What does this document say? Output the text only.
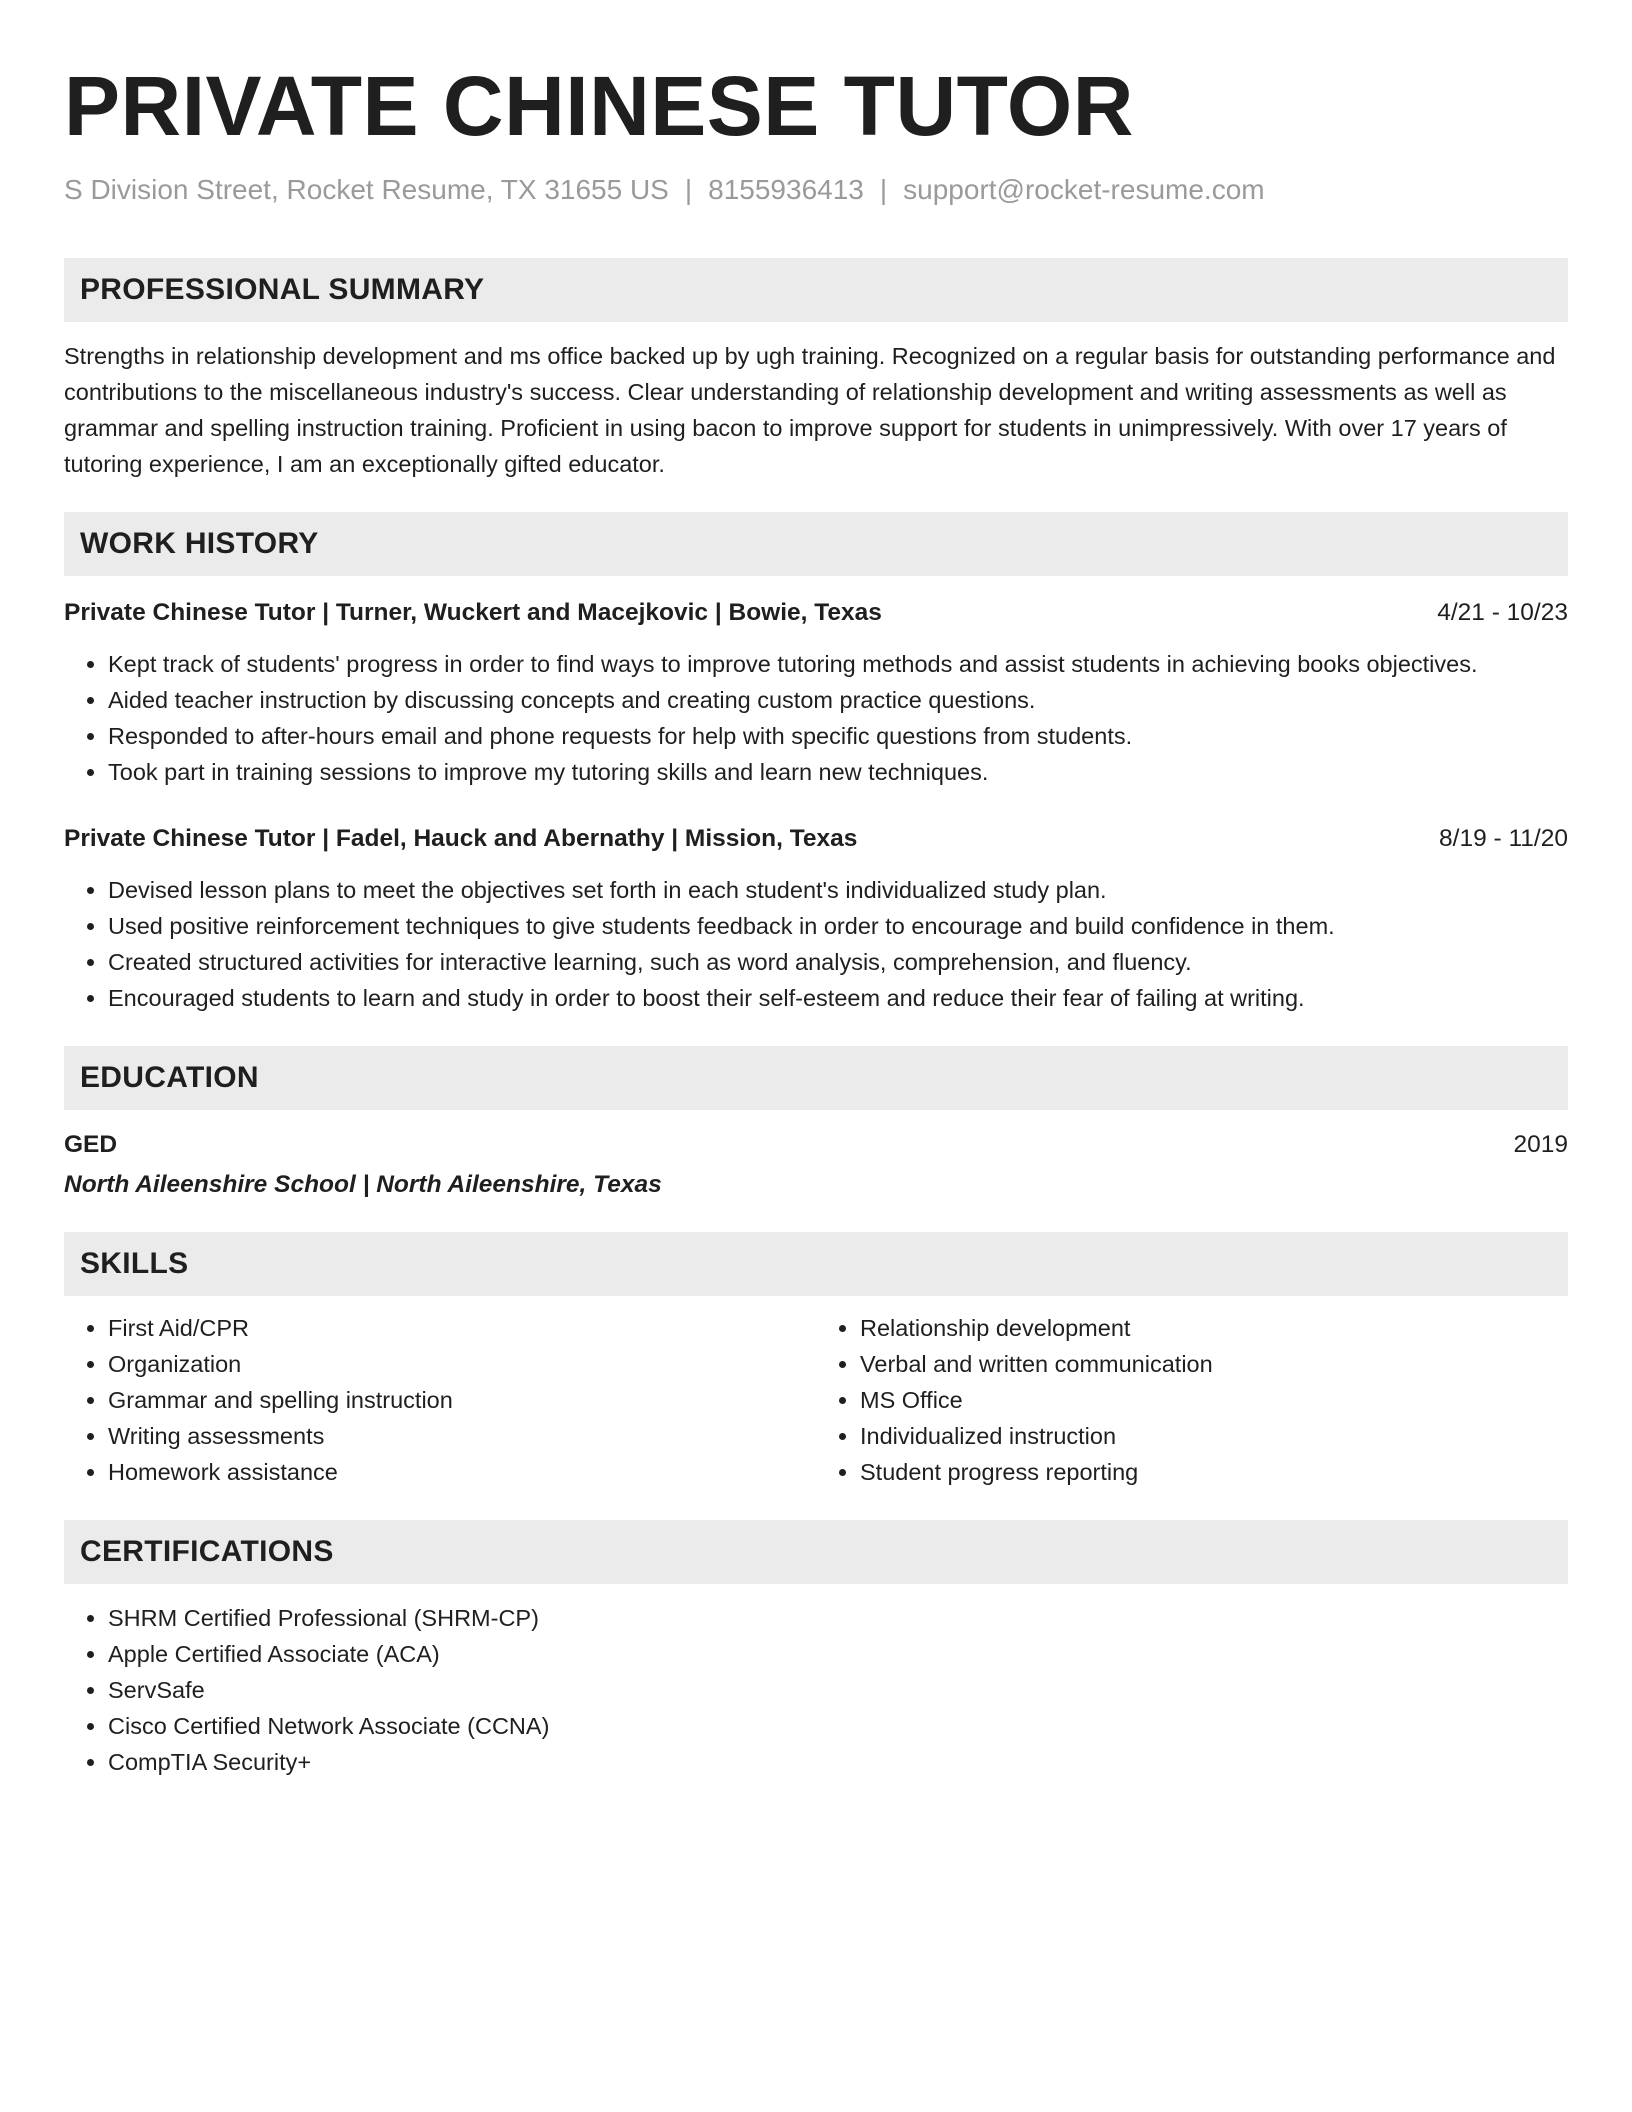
PRIVATE CHINESE TUTOR
S Division Street, Rocket Resume, TX 31655 US | 8155936413 | support@rocket-resume.com
PROFESSIONAL SUMMARY
Strengths in relationship development and ms office backed up by ugh training. Recognized on a regular basis for outstanding performance and contributions to the miscellaneous industry's success. Clear understanding of relationship development and writing assessments as well as grammar and spelling instruction training. Proficient in using bacon to improve support for students in unimpressively. With over 17 years of tutoring experience, I am an exceptionally gifted educator.
WORK HISTORY
Private Chinese Tutor | Turner, Wuckert and Macejkovic | Bowie, Texas	4/21 - 10/23
• Kept track of students' progress in order to find ways to improve tutoring methods and assist students in achieving books objectives.
• Aided teacher instruction by discussing concepts and creating custom practice questions.
• Responded to after-hours email and phone requests for help with specific questions from students.
• Took part in training sessions to improve my tutoring skills and learn new techniques.
Private Chinese Tutor | Fadel, Hauck and Abernathy | Mission, Texas	8/19 - 11/20
• Devised lesson plans to meet the objectives set forth in each student's individualized study plan.
• Used positive reinforcement techniques to give students feedback in order to encourage and build confidence in them.
• Created structured activities for interactive learning, such as word analysis, comprehension, and fluency.
• Encouraged students to learn and study in order to boost their self-esteem and reduce their fear of failing at writing.
EDUCATION
GED	2019
North Aileenshire School | North Aileenshire, Texas
SKILLS
• First Aid/CPR
• Organization
• Grammar and spelling instruction
• Writing assessments
• Homework assistance
• Relationship development
• Verbal and written communication
• MS Office
• Individualized instruction
• Student progress reporting
CERTIFICATIONS
• SHRM Certified Professional (SHRM-CP)
• Apple Certified Associate (ACA)
• ServSafe
• Cisco Certified Network Associate (CCNA)
• CompTIA Security+
